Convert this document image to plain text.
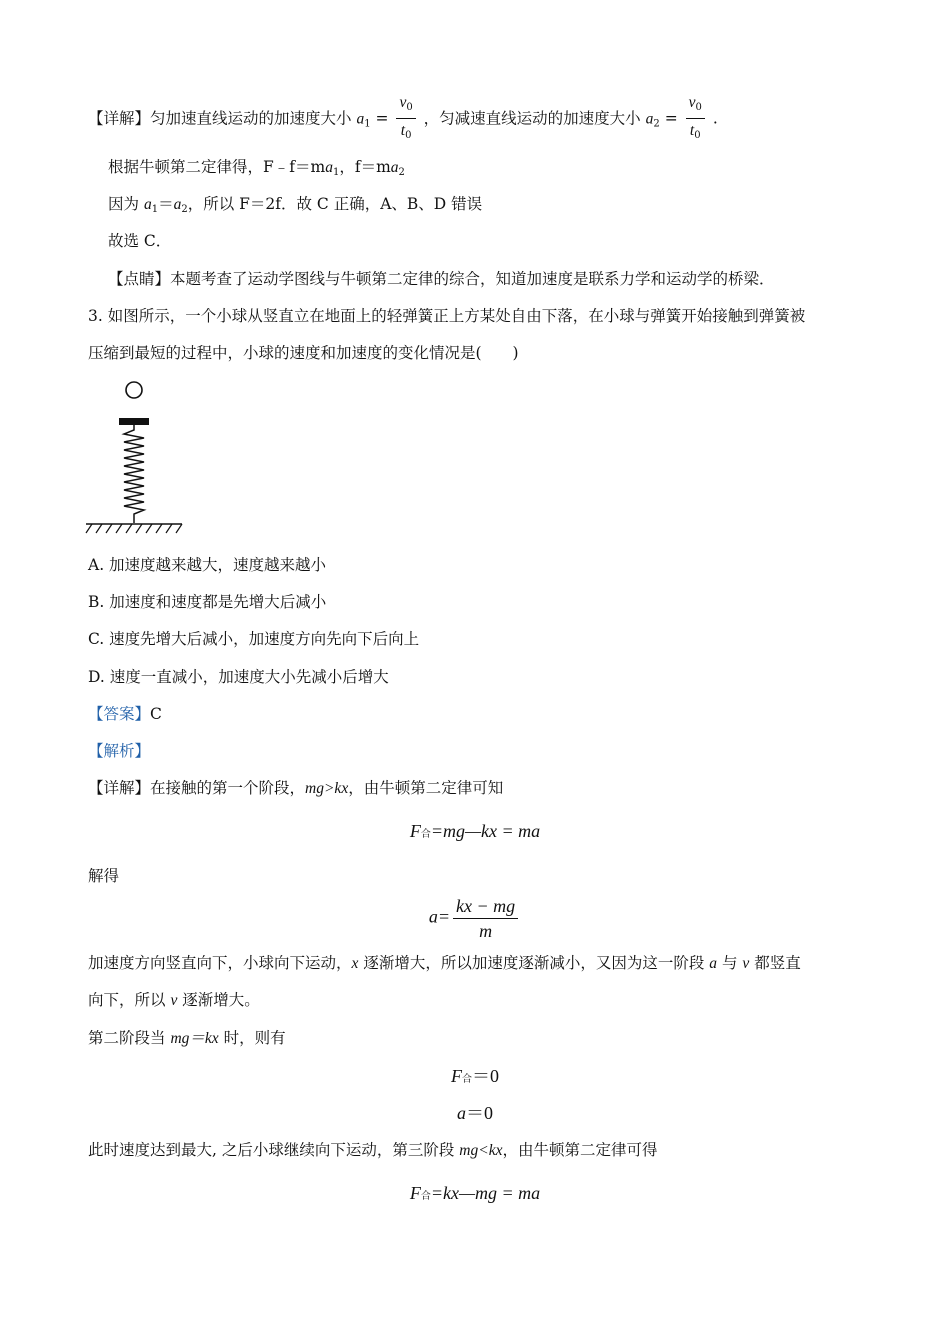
【详解】匀加速直线运动的加速度大小 $a_1 = \frac{v_0}{t_0}$ ，匀减速直线运动的加速度大小 $a_2 = \frac{v_0}{t_0}$ .
根据牛顿第二定律得，$F﹣f=ma_1$，$f=ma_2$
因为 $a_1=a_2$，所以 F＝2f．故 C 正确，A、B、D 错误
故选 C．
【点睛】本题考查了运动学图线与牛顿第二定律的综合，知道加速度是联系力学和运动学的桥梁．
3. 如图所示，一个小球从竖直立在地面上的轻弹簧正上方某处自由下落，在小球与弹簧开始接触到弹簧被
压缩到最短的过程中，小球的速度和加速度的变化情况是(　　)
A. 加速度越来越大，速度越来越小
B. 加速度和速度都是先增大后减小
C. 速度先增大后减小，加速度方向先向下后向上
D. 速度一直减小，加速度大小先减小后增大
【答案】C
【解析】
【详解】在接触的第一个阶段，mg>kx，由牛顿第二定律可知
F合=mg—kx = ma
解得
$a= \frac{kx - mg}{m}$
加速度方向竖直向下，小球向下运动，x 逐渐增大，所以加速度逐渐减小，又因为这一阶段 a 与 v 都竖直
向下，所以 v 逐渐增大。
第二阶段当 mg＝kx 时，则有
F合＝0
a＝0
此时速度达到最大, 之后小球继续向下运动，第三阶段 mg<kx，由牛顿第二定律可得
F合=kx—mg = ma
